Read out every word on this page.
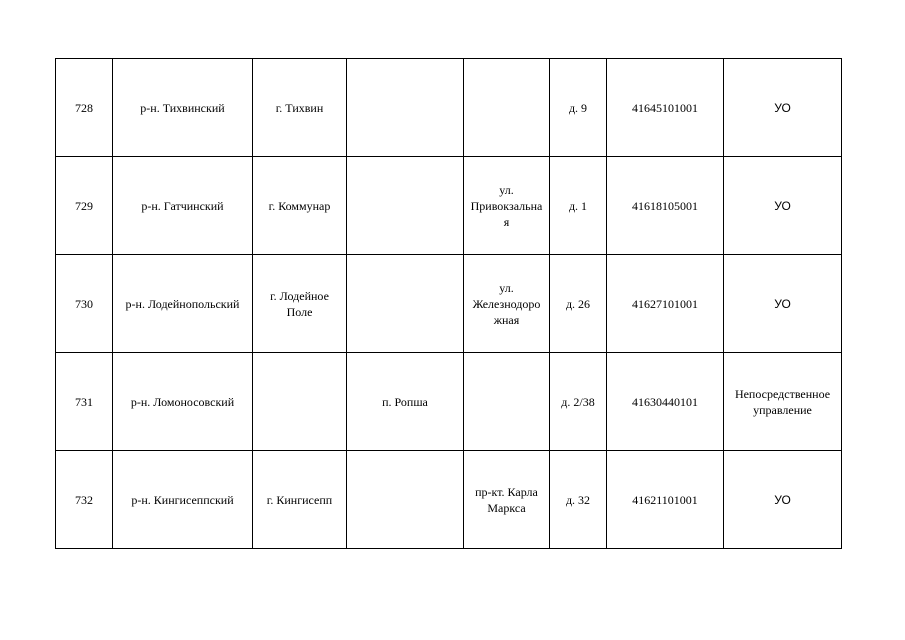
728	р-н. Тихвинский	г. Тихвин			д. 9	41645101001	УО
729	р-н. Гатчинский	г. Коммунар		ул.
Привокзальна
я	д. 1	41618105001	УО
730	р-н. Лодейнопольский	г. Лодейное
Поле		ул.
Железнодоро
жная	д. 26	41627101001	УО
731	р-н. Ломоносовский		п. Ропша		д. 2/38	41630440101	Непосредственное
управление
732	р-н. Кингисеппский	г. Кингисепп		пр-кт. Карла
Маркса	д. 32	41621101001	УО
